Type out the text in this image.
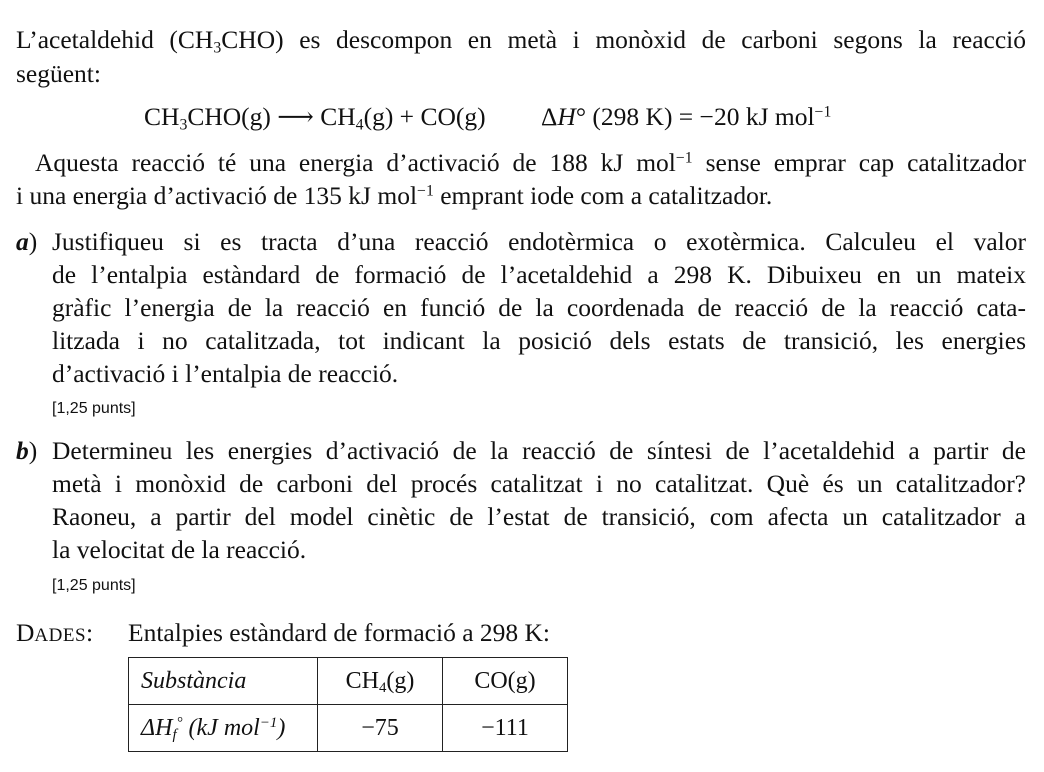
L’acetaldehid $(CH_3CHO)$ es descompon en metà i monòxid de carboni segons la reacció
següent:
$CH_3CHO(g)$ ⟶ $CH_4(g) + CO(g)$ ΔH° (298 K) = −20 kJ mol$^{-1}$
Aquesta reacció té una energia d’activació de 188 kJ mol$^{-1}$ sense emprar cap catalitzador
i una energia d’activació de 135 kJ mol$^{-1}$ emprant iode com a catalitzador.
a) Justifiqueu si es tracta d’una reacció endotèrmica o exotèrmica. Calculeu el valor
de l’entalpia estàndard de formació de l’acetaldehid a 298 K. Dibuixeu en un mateix
gràfic l’energia de la reacció en funció de la coordenada de reacció de la reacció cata-
litzada i no catalitzada, tot indicant la posició dels estats de transició, les energies
d’activació i l’entalpia de reacció.
[1,25 punts]
b) Determineu les energies d’activació de la reacció de síntesi de l’acetaldehid a partir de
metà i monòxid de carboni del procés catalitzat i no catalitzat. Què és un catalitzador?
Raoneu, a partir del model cinètic de l’estat de transició, com afecta un catalitzador a
la velocitat de la reacció.
[1,25 punts]
DADES: Entalpies estàndard de formació a 298 K:
Substància	$CH_4(g)$	CO(g)
$\Delta H_f^\circ$ (kJ mol$^{-1}$)	−75	−111
